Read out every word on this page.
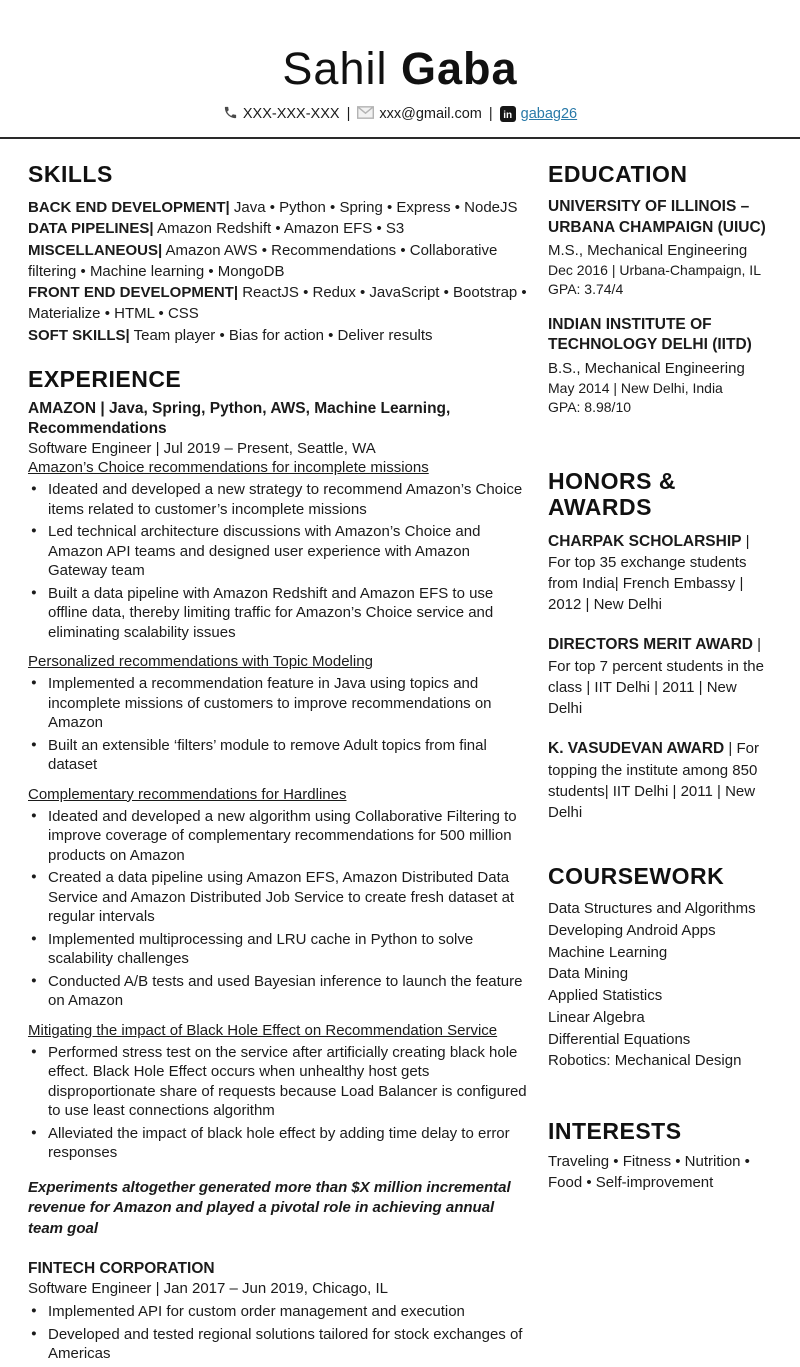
Sahil Gaba
XXX-XXX-XXX | xxx@gmail.com |	in gabag26
SKILLS
BACK END DEVELOPMENT| Java • Python • Spring • Express • NodeJS
DATA PIPELINES| Amazon Redshift • Amazon EFS • S3
MISCELLANEOUS| Amazon AWS • Recommendations • Collaborative filtering • Machine learning • MongoDB
FRONT END DEVELOPMENT| ReactJS • Redux • JavaScript • Bootstrap • Materialize • HTML • CSS
SOFT SKILLS| Team player • Bias for action • Deliver results
EXPERIENCE
AMAZON | Java, Spring, Python, AWS, Machine Learning, Recommendations
Software Engineer | Jul 2019 – Present, Seattle, WA
Amazon’s Choice recommendations for incomplete missions
● Ideated and developed a new strategy to recommend Amazon’s Choice items related to customer’s incomplete missions
● Led technical architecture discussions with Amazon’s Choice and Amazon API teams and designed user experience with Amazon Gateway team
● Built a data pipeline with Amazon Redshift and Amazon EFS to use offline data, thereby limiting traffic for Amazon’s Choice service and eliminating scalability issues
Personalized recommendations with Topic Modeling
● Implemented a recommendation feature in Java using topics and incomplete missions of customers to improve recommendations on Amazon
● Built an extensible ‘filters’ module to remove Adult topics from final dataset
Complementary recommendations for Hardlines
● Ideated and developed a new algorithm using Collaborative Filtering to improve coverage of complementary recommendations for 500 million products on Amazon
● Created a data pipeline using Amazon EFS, Amazon Distributed Data Service and Amazon Distributed Job Service to create fresh dataset at regular intervals
● Implemented multiprocessing and LRU cache in Python to solve scalability challenges
● Conducted A/B tests and used Bayesian inference to launch the feature on Amazon
Mitigating the impact of Black Hole Effect on Recommendation Service
● Performed stress test on the service after artificially creating black hole effect. Black Hole Effect occurs when unhealthy host gets disproportionate share of requests because Load Balancer is configured to use least connections algorithm
● Alleviated the impact of black hole effect by adding time delay to error responses
Experiments altogether generated more than $X million incremental revenue for Amazon and played a pivotal role in achieving annual team goal
FINTECH CORPORATION
Software Engineer | Jan 2017 – Jun 2019, Chicago, IL
● Implemented API for custom order management and execution
● Developed and tested regional solutions tailored for stock exchanges of Americas
EDUCATION
UNIVERSITY OF ILLINOIS – URBANA CHAMPAIGN (UIUC)
M.S., Mechanical Engineering
Dec 2016 | Urbana-Champaign, IL
GPA: 3.74/4
INDIAN INSTITUTE OF TECHNOLOGY DELHI (IITD)
B.S., Mechanical Engineering
May 2014 | New Delhi, India
GPA: 8.98/10
HONORS & AWARDS
CHARPAK SCHOLARSHIP | For top 35 exchange students from India| French Embassy | 2012 | New Delhi
DIRECTORS MERIT AWARD | For top 7 percent students in the class | IIT Delhi | 2011 | New Delhi
K. VASUDEVAN AWARD | For topping the institute among 850 students| IIT Delhi | 2011 | New Delhi
COURSEWORK
Data Structures and Algorithms
Developing Android Apps
Machine Learning
Data Mining
Applied Statistics
Linear Algebra
Differential Equations
Robotics: Mechanical Design
INTERESTS
Traveling • Fitness • Nutrition • Food • Self-improvement
